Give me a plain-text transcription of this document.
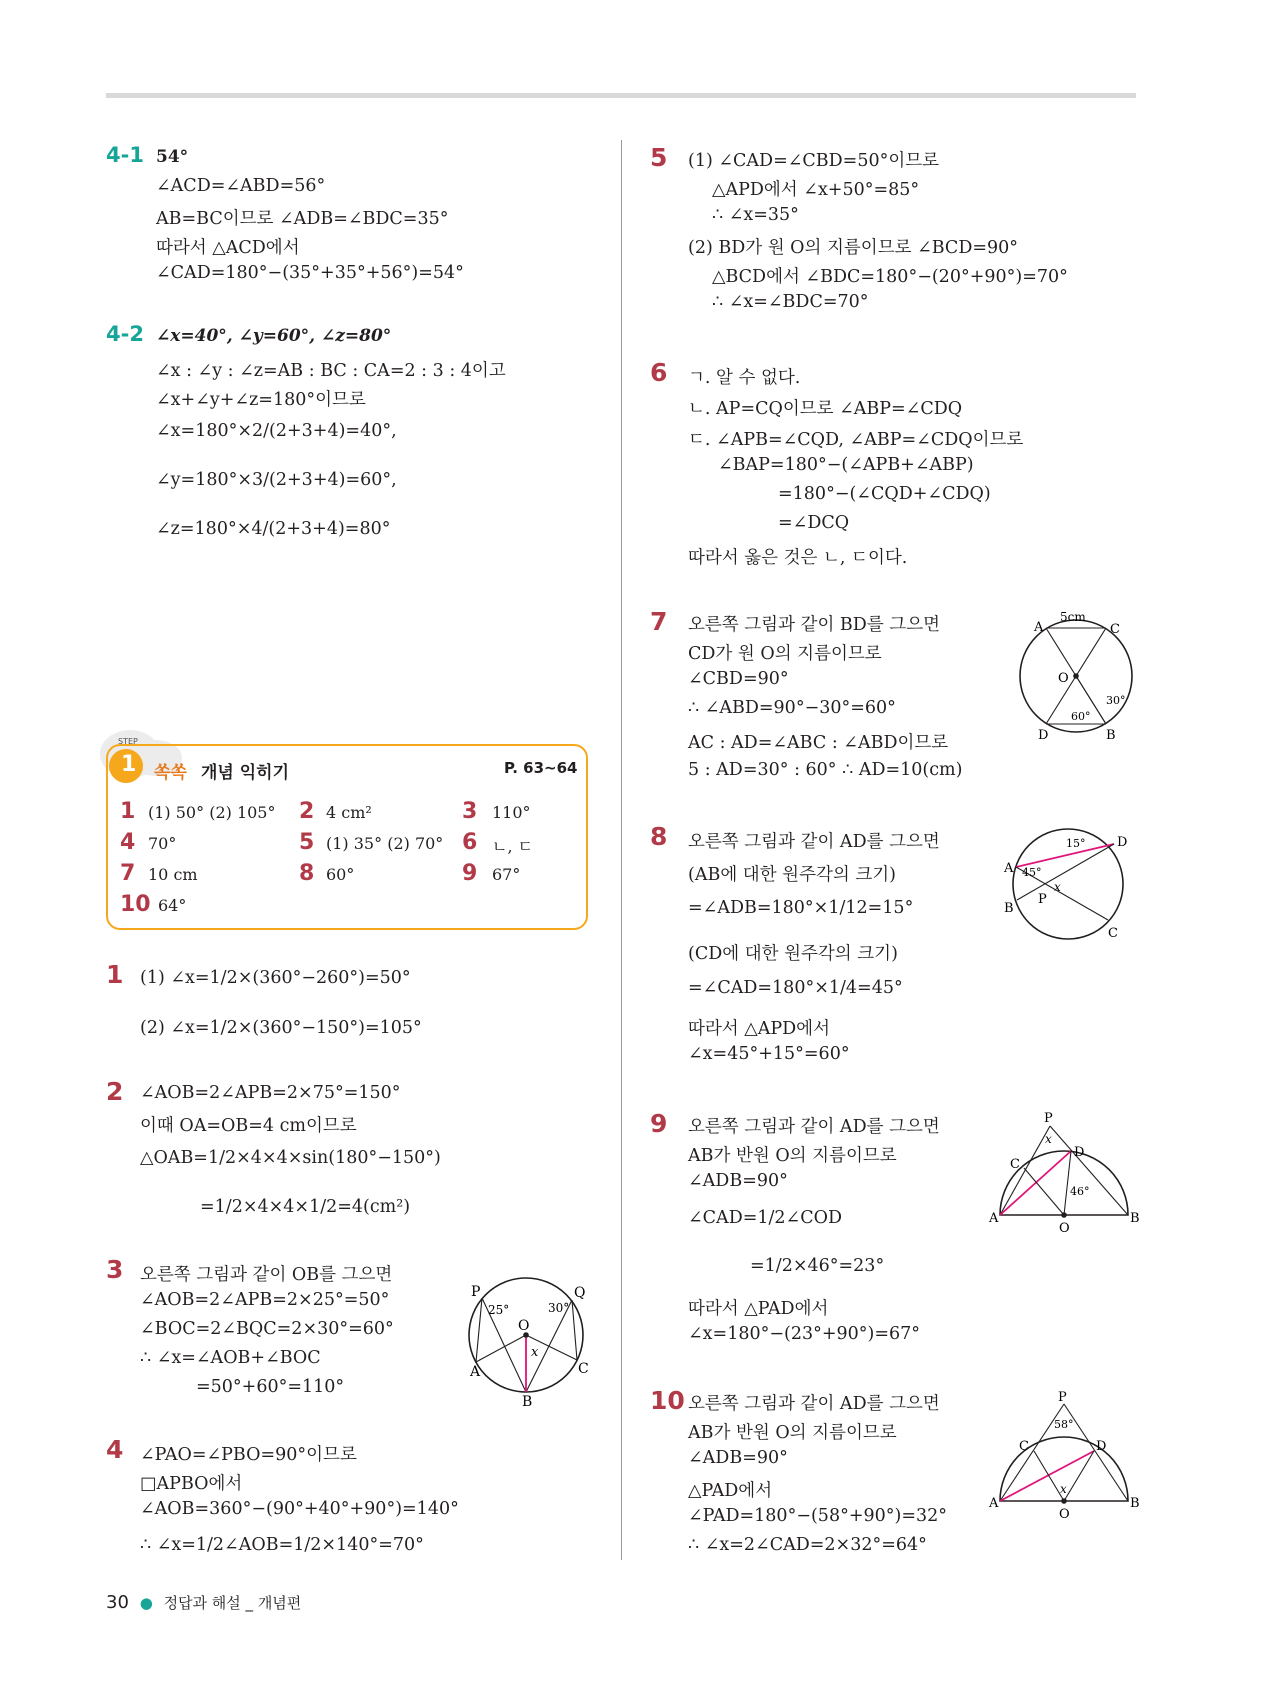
4-1 54°
∠ACD=∠ABD=56°
AB=BC이므로 ∠ADB=∠BDC=35°
따라서 △ACD에서
∠CAD=180°−(35°+35°+56°)=54°
4-2 ∠x=40°, ∠y=60°, ∠z=80°
∠x : ∠y : ∠z=AB : BC : CA=2 : 3 : 4이고
∠x+∠y+∠z=180°이므로
∠x=180°×2/(2+3+4)=40°,
∠y=180°×3/(2+3+4)=60°,
∠z=180°×4/(2+3+4)=80°
STEP
1 쏙쏙 개념 익히기	P. 63~64
1 (1) 50° (2) 105° 2 4 cm²	3 110°
4 70°	5 (1) 35° (2) 70° 6 ㄴ, ㄷ
7 10 cm	8 60°	9 67°
10 64°
1 (1) ∠x=1/2×(360°−260°)=50°
(2) ∠x=1/2×(360°−150°)=105°
2 ∠AOB=2∠APB=2×75°=150°
이때 OA=OB=4 cm이므로
△OAB=1/2×4×4×sin(180°−150°)
=1/2×4×4×1/2=4(cm²)
3 오른쪽 그림과 같이 OB를 그으면
∠AOB=2∠APB=2×25°=50°
∠BOC=2∠BQC=2×30°=60°
∴ ∠x=∠AOB+∠BOC
=50°+60°=110°
P	Q
O
A
B
C
x
25°	30°
4 ∠PAO=∠PBO=90°이므로
□APBO에서
∠AOB=360°−(90°+40°+90°)=140°
∴ ∠x=1/2∠AOB=1/2×140°=70°
5 (1) ∠CAD=∠CBD=50°이므로
△APD에서 ∠x+50°=85°
∴ ∠x=35°
(2) BD가 원 O의 지름이므로 ∠BCD=90°
△BCD에서 ∠BDC=180°−(20°+90°)=70°
∴ ∠x=∠BDC=70°
6 ㄱ. 알 수 없다.
ㄴ. AP=CQ이므로 ∠ABP=∠CDQ
ㄷ. ∠APB=∠CQD, ∠ABP=∠CDQ이므로
∠BAP=180°−(∠APB+∠ABP)
=180°−(∠CQD+∠CDQ)
=∠DCQ
따라서 옳은 것은 ㄴ, ㄷ이다.
7 오른쪽 그림과 같이 BD를 그으면
CD가 원 O의 지름이므로
∠CBD=90°
∴ ∠ABD=90°−30°=60°
AC : AD=∠ABC : ∠ABD이므로
5 : AD=30° : 60° ∴ AD=10(cm)
A	C
O
D	B
5cm
30°
60°
8 오른쪽 그림과 같이 AD를 그으면
(AB에 대한 원주각의 크기)
=∠ADB=180°×1/12=15°
(CD에 대한 원주각의 크기)
=∠CAD=180°×1/4=45°
따라서 △APD에서
∠x=45°+15°=60°
A
B
C
D
P
x
15°
45°
9 오른쪽 그림과 같이 AD를 그으면
AB가 반원 O의 지름이므로
∠ADB=90°
∠CAD=1/2∠COD
=1/2×46°=23°
따라서 △PAD에서
∠x=180°−(23°+90°)=67°
P
C
D
A	B
O
x
46°
10 오른쪽 그림과 같이 AD를 그으면
AB가 반원 O의 지름이므로
∠ADB=90°
△PAD에서
∠PAD=180°−(58°+90°)=32°
∴ ∠x=2∠CAD=2×32°=64°
P
C	D
A	B
O
x
58°
30 ● 정답과 해설 _ 개념편
